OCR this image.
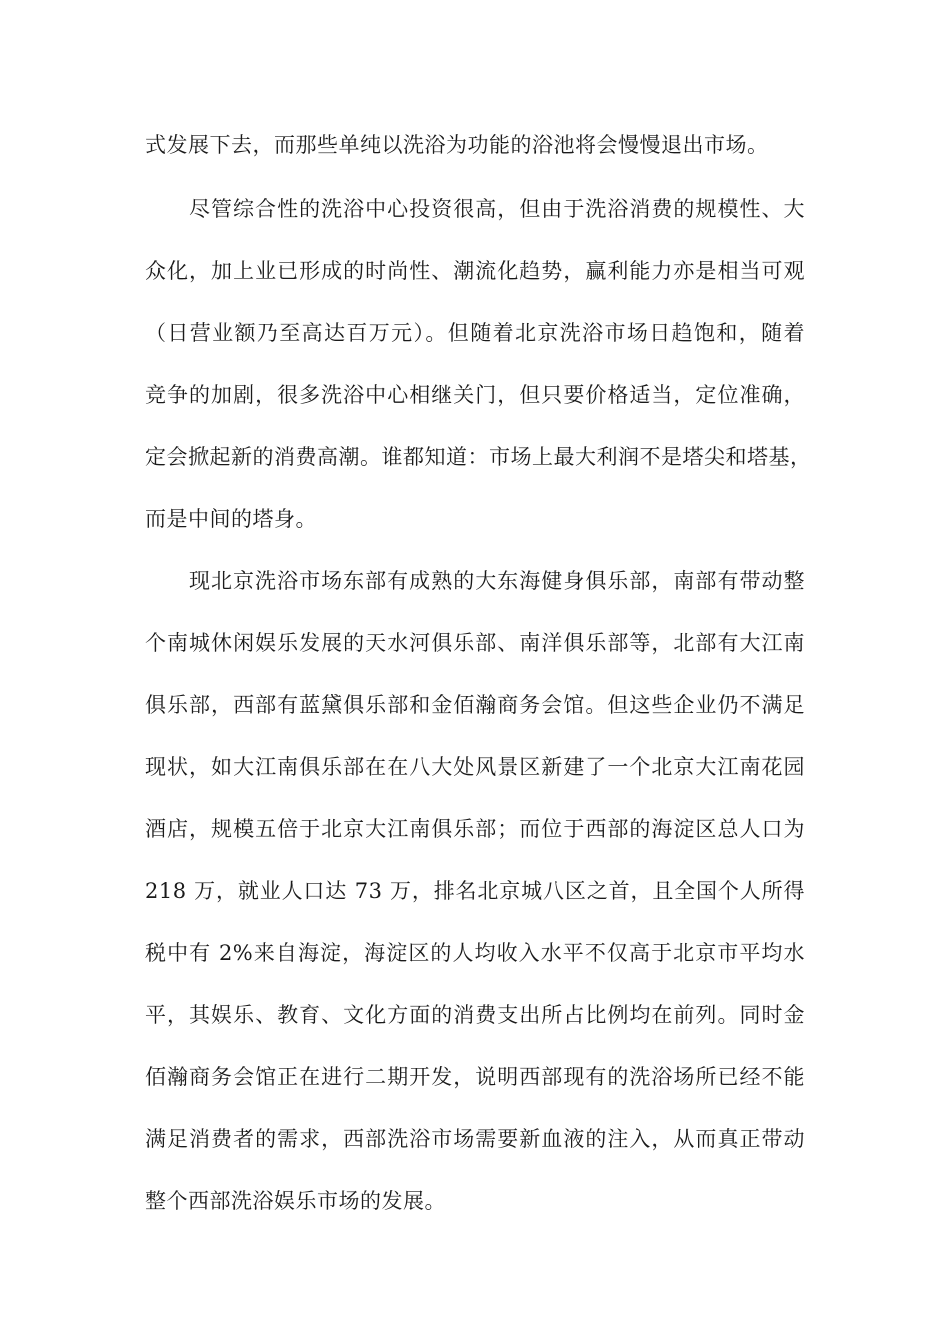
式发展下去，而那些单纯以洗浴为功能的浴池将会慢慢退出市场。
尽管综合性的洗浴中心投资很高，但由于洗浴消费的规模性、大
众化，加上业已形成的时尚性、潮流化趋势，赢利能力亦是相当可观
（日营业额乃至高达百万元）。但随着北京洗浴市场日趋饱和，随着
竞争的加剧，很多洗浴中心相继关门，但只要价格适当，定位准确，
定会掀起新的消费高潮。谁都知道：市场上最大利润不是塔尖和塔基，
而是中间的塔身。
现北京洗浴市场东部有成熟的大东海健身俱乐部，南部有带动整
个南城休闲娱乐发展的天水河俱乐部、南洋俱乐部等，北部有大江南
俱乐部，西部有蓝黛俱乐部和金佰瀚商务会馆。但这些企业仍不满足
现状，如大江南俱乐部在在八大处风景区新建了一个北京大江南花园
酒店，规模五倍于北京大江南俱乐部；而位于西部的海淀区总人口为
218 万，就业人口达 73 万，排名北京城八区之首，且全国个人所得
税中有 2%来自海淀，海淀区的人均收入水平不仅高于北京市平均水
平，其娱乐、教育、文化方面的消费支出所占比例均在前列。同时金
佰瀚商务会馆正在进行二期开发，说明西部现有的洗浴场所已经不能
满足消费者的需求，西部洗浴市场需要新血液的注入，从而真正带动
整个西部洗浴娱乐市场的发展。
